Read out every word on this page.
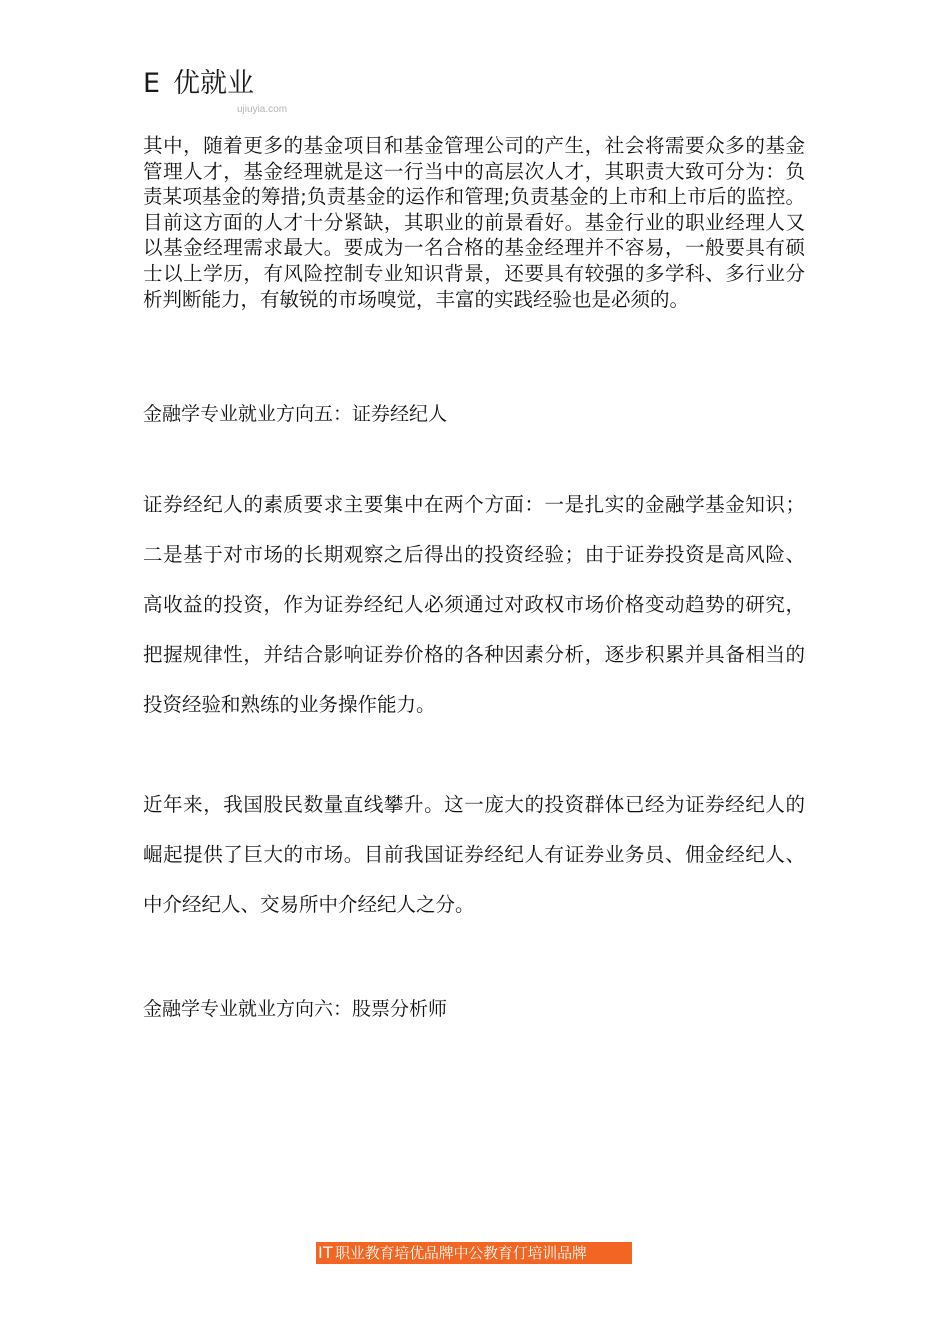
E 优就业
ujiuyia.com

其中，随着更多的基金项目和基金管理公司的产生，社会将需要众多的基金管理人才，基金经理就是这一行当中的高层次人才，其职责大致可分为：负责某项基金的筹措;负责基金的运作和管理;负责基金的上市和上市后的监控。目前这方面的人才十分紧缺，其职业的前景看好。基金行业的职业经理人又以基金经理需求最大。要成为一名合格的基金经理并不容易，一般要具有硕士以上学历，有风险控制专业知识背景，还要具有较强的多学科、多行业分析判断能力，有敏锐的市场嗅觉，丰富的实践经验也是必须的。

金融学专业就业方向五：证券经纪人

证券经纪人的素质要求主要集中在两个方面：一是扎实的金融学基金知识；二是基于对市场的长期观察之后得出的投资经验；由于证券投资是高风险、高收益的投资，作为证券经纪人必须通过对政权市场价格变动趋势的研究，把握规律性，并结合影响证券价格的各种因素分析，逐步积累并具备相当的投资经验和熟练的业务操作能力。

近年来，我国股民数量直线攀升。这一庞大的投资群体已经为证券经纪人的崛起提供了巨大的市场。目前我国证券经纪人有证券业务员、佣金经纪人、中介经纪人、交易所中介经纪人之分。

金融学专业就业方向六：股票分析师

IT 职业教育培优品牌中公教育仃培训品牌
